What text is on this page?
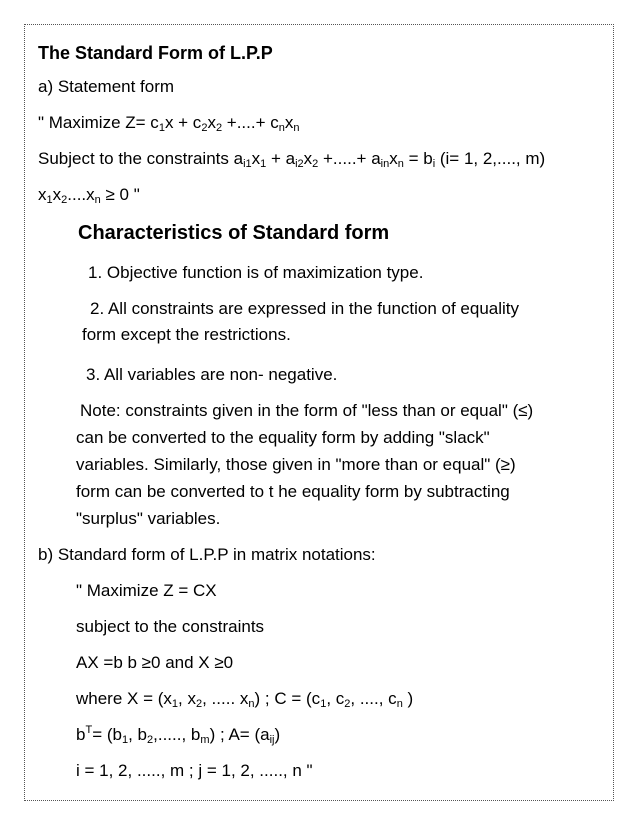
The Standard Form of L.P.P
a) Statement form
" Maximize $Z= c_1x + c_2x_2$ +....+ $c_nx_n$
Subject to the constraints $a_{i1}x_1 + a_{i2}x_2$ +.....+ $a_{in}x_n = b_i$ (i= 1, 2,...., m)
$x_1x_2....x_n \ge 0$ "
Characteristics of Standard form
1. Objective function is of maximization type.
2. All constraints are expressed in the function of equality
form except the restrictions.
3. All variables are non- negative.
Note: constraints given in the form of "less than or equal" (≤)
can be converted to the equality form by adding "slack"
variables. Similarly, those given in "more than or equal" (≥)
form can be converted to t he equality form by subtracting
"surplus" variables.
b) Standard form of L.P.P in matrix notations:
" Maximize Z = CX
subject to the constraints
AX =b b ≥0 and X ≥0
where $X = (x_1$, $x_2$, ..... $x_n$) ; $C = (c_1$, $c_2$, ...., $c_n$ )
$b^T= (b_1$, $b_2$,....., $b_m$) ; $A= (a_{ij})$
i = 1, 2, ....., m ; j = 1, 2, ....., n "
